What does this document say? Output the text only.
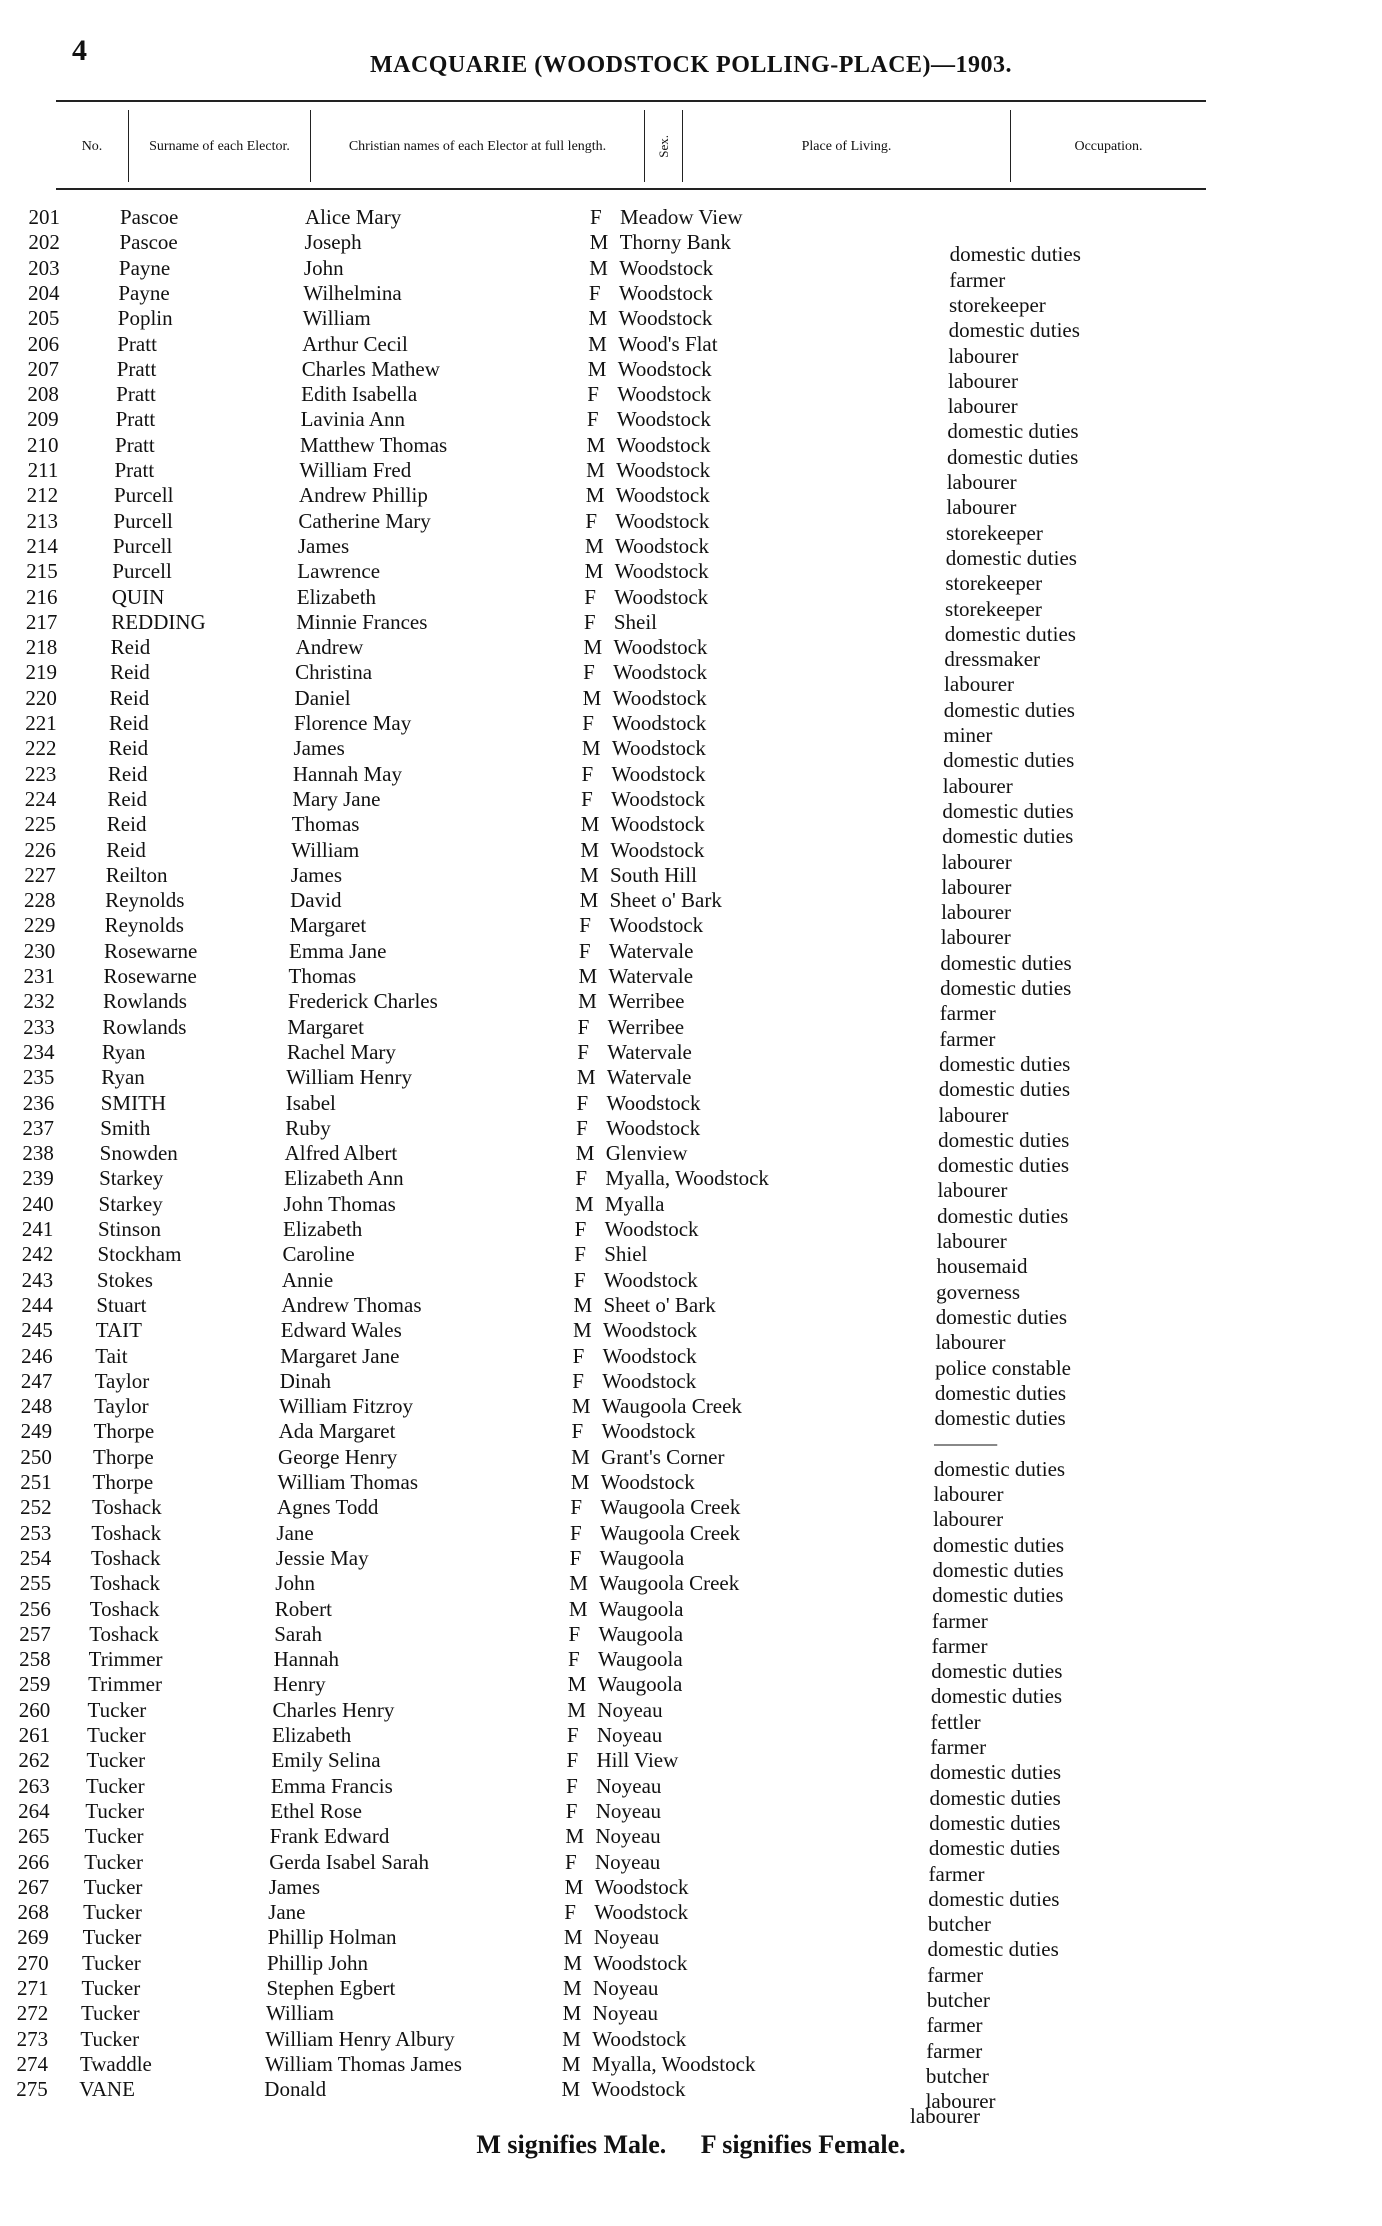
4	MACQUARIE (WOODSTOCK POLLING-PLACE)—1903.
No.	Surname of each Elector.	Christian names of each Elector at full length.	Sex.	Place of Living.	Occupation.
201	Pascoe	Alice Mary	F Meadow View
202	Pascoe	Joseph	M Thorny Bank	domestic duties
203	Payne	John	M Woodstock	farmer
204	Payne	Wilhelmina	F Woodstock	storekeeper
205	Poplin	William	M Woodstock	domestic duties
206	Pratt	Arthur Cecil	M Wood's Flat	labourer
207	Pratt	Charles Mathew	M Woodstock	labourer
208	Pratt	Edith Isabella	F Woodstock	labourer
209	Pratt	Lavinia Ann	F Woodstock	domestic duties
210	Pratt	Matthew Thomas	M Woodstock	domestic duties
211	Pratt	William Fred	M Woodstock	labourer
212	Purcell	Andrew Phillip	M Woodstock	labourer
213	Purcell	Catherine Mary	F Woodstock	storekeeper
214	Purcell	James	M Woodstock	domestic duties
215	Purcell	Lawrence	M Woodstock	storekeeper
216	QUIN	Elizabeth	F Woodstock	storekeeper
217	REDDING	Minnie Frances	F Sheil	domestic duties
218	Reid	Andrew	M Woodstock	dressmaker
219	Reid	Christina	F Woodstock	labourer
220	Reid	Daniel	M Woodstock	domestic duties
221 Reid	Florence May	F Woodstock	miner
222 Reid	James	M Woodstock	domestic duties
223 Reid	Hannah May	F Woodstock	labourer
224 Reid	Mary Jane	F Woodstock	domestic duties
225 Reid	Thomas	M Woodstock	domestic duties
226 Reid	William	M Woodstock	labourer
227 Reilton	James	M South Hill	labourer
228 Reynolds	David	M Sheet o' Bark	labourer
229 Reynolds	Margaret	F Woodstock	labourer
230 Rosewarne	Emma Jane	F Watervale	domestic duties
231 Rosewarne	Thomas	M Watervale	domestic duties
232 Rowlands	Frederick Charles	M Werribee	farmer
233 Rowlands	Margaret	F Werribee	farmer
234 Ryan	Rachel Mary	F Watervale	domestic duties
235 Ryan	William Henry	M Watervale	domestic duties
236 SMITH	Isabel	F Woodstock	labourer
237 Smith	Ruby	F Woodstock	domestic duties
238 Snowden	Alfred Albert	M Glenview	domestic duties
239 Starkey	Elizabeth Ann	F Myalla, Woodstock	labourer
240 Starkey	John Thomas	M Myalla	domestic duties
241 Stinson	Elizabeth	F Woodstock	labourer
242 Stockham	Caroline	F Shiel	housemaid
243 Stokes	Annie	F Woodstock	governess
244 Stuart	Andrew Thomas	M Sheet o' Bark	domestic duties
245 TAIT	Edward Wales	M Woodstock	labourer
246 Tait	Margaret Jane	F Woodstock	police constable
247 Taylor	Dinah	F Woodstock	domestic duties
248 Taylor	William Fitzroy	M Waugoola Creek	domestic duties
249 Thorpe	Ada Margaret	F Woodstock	———
250 Thorpe	George Henry	M Grant's Corner	domestic duties
251 Thorpe	William Thomas	M Woodstock	labourer
252 Toshack	Agnes Todd	F Waugoola Creek	labourer
253 Toshack	Jane	F Waugoola Creek	domestic duties
254 Toshack	Jessie May	F Waugoola	domestic duties
255 Toshack	John	M Waugoola Creek	domestic duties
256 Toshack	Robert	M Waugoola	farmer
257 Toshack	Sarah	F Waugoola	farmer
258 Trimmer	Hannah	F Waugoola	domestic duties
259 Trimmer	Henry	M Waugoola	domestic duties
260 Tucker	Charles Henry	M Noyeau	fettler
261 Tucker	Elizabeth	F Noyeau	farmer
262 Tucker	Emily Selina	F Hill View	domestic duties
263 Tucker	Emma Francis	F Noyeau	domestic duties
264 Tucker	Ethel Rose	F Noyeau	domestic duties
265 Tucker	Frank Edward	M Noyeau	domestic duties
266 Tucker	Gerda Isabel Sarah	F Noyeau	farmer
267 Tucker	James	M Woodstock	domestic duties
268 Tucker	Jane	F Woodstock	butcher
269 Tucker	Phillip Holman	M Noyeau	domestic duties
270 Tucker	Phillip John	M Woodstock	farmer
271 Tucker	Stephen Egbert	M Noyeau	butcher
272 Tucker	William	M Noyeau	farmer
273 Tucker	William Henry Albury	M Woodstock	farmer
274 Twaddle	William Thomas James	M Myalla, Woodstock	butcher
275 VANE	Donald	M Woodstock	labourer
labourer
M signifies Male. F signifies Female.
